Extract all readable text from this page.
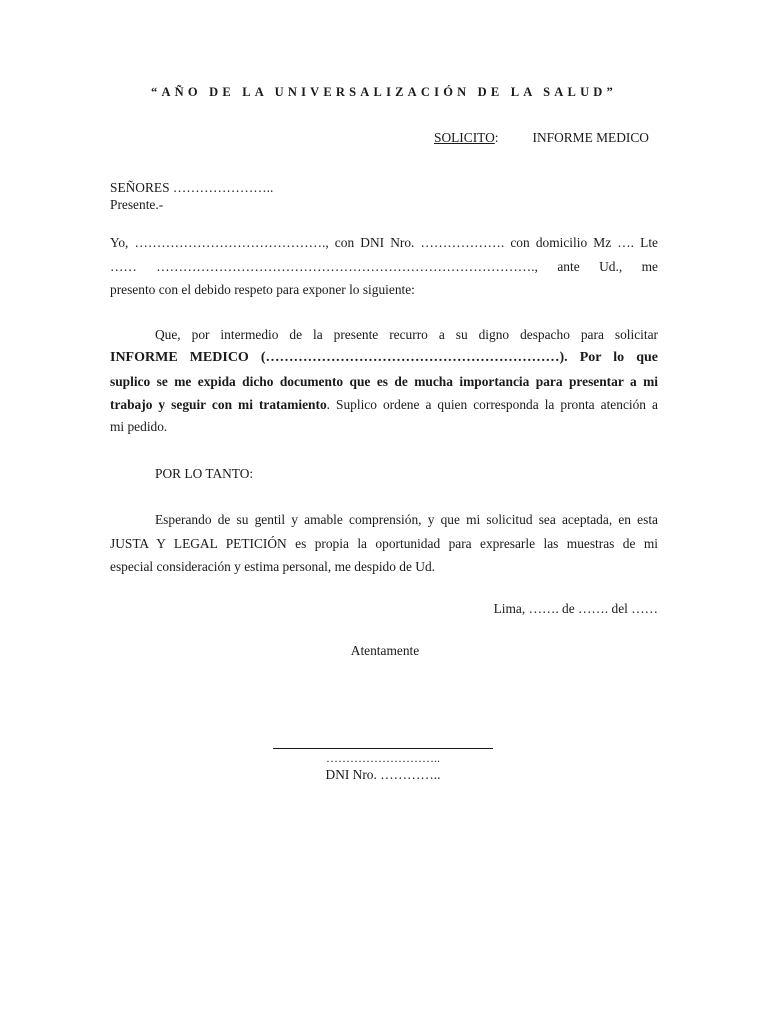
“AÑO DE LA UNIVERSALIZACIÓN DE LA SALUD”

SOLICITO:	INFORME MEDICO

SEÑORES …………………..

Presente.-

Yo, ……………………………………., con DNI Nro. ………………. con domicilio Mz …. Lte

…… …………………………………………………………………………., ante Ud., me

presento con el debido respeto para exponer lo siguiente:

Que, por intermedio de la presente recurro a su digno despacho para solicitar

INFORME MEDICO (………………………………………………………). Por lo que

suplico se me expida dicho documento que es de mucha importancia para presentar a mi

trabajo y seguir con mi tratamiento. Suplico ordene a quien corresponda la pronta atención a

mi pedido.

POR LO TANTO:

Esperando de su gentil y amable comprensión, y que mi solicitud sea aceptada, en esta

JUSTA Y LEGAL PETICIÓN es propia la oportunidad para expresarle las muestras de mi

especial consideración y estima personal, me despido de Ud.

Lima, ……. de ……. del ……

Atentamente

………………………..

DNI Nro. …………..
